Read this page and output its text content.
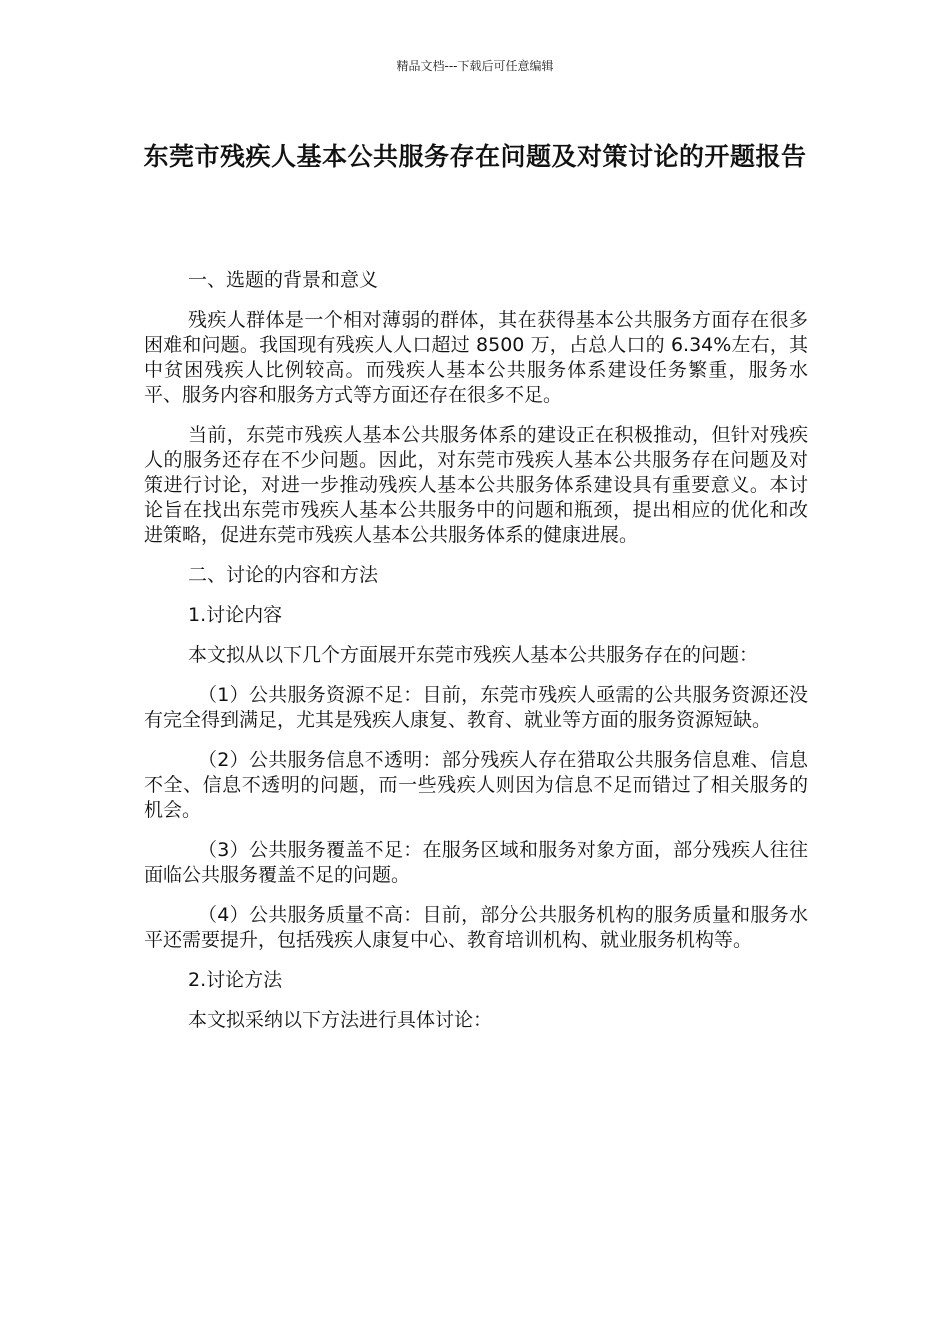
精品文档---下载后可任意编辑
东莞市残疾人基本公共服务存在问题及对策讨论的开题报告

一、选题的背景和意义

残疾人群体是一个相对薄弱的群体，其在获得基本公共服务方面存在很多困难和问题。我国现有残疾人人口超过 8500 万，占总人口的 6.34%左右，其中贫困残疾人比例较高。而残疾人基本公共服务体系建设任务繁重，服务水平、服务内容和服务方式等方面还存在很多不足。

当前，东莞市残疾人基本公共服务体系的建设正在积极推动，但针对残疾人的服务还存在不少问题。因此，对东莞市残疾人基本公共服务存在问题及对策进行讨论，对进一步推动残疾人基本公共服务体系建设具有重要意义。本讨论旨在找出东莞市残疾人基本公共服务中的问题和瓶颈，提出相应的优化和改进策略，促进东莞市残疾人基本公共服务体系的健康进展。

二、讨论的内容和方法

1.讨论内容

本文拟从以下几个方面展开东莞市残疾人基本公共服务存在的问题：

（1）公共服务资源不足：目前，东莞市残疾人亟需的公共服务资源还没有完全得到满足，尤其是残疾人康复、教育、就业等方面的服务资源短缺。

（2）公共服务信息不透明：部分残疾人存在猎取公共服务信息难、信息不全、信息不透明的问题，而一些残疾人则因为信息不足而错过了相关服务的机会。

（3）公共服务覆盖不足：在服务区域和服务对象方面，部分残疾人往往面临公共服务覆盖不足的问题。

（4）公共服务质量不高：目前，部分公共服务机构的服务质量和服务水平还需要提升，包括残疾人康复中心、教育培训机构、就业服务机构等。

2.讨论方法

本文拟采纳以下方法进行具体讨论：
